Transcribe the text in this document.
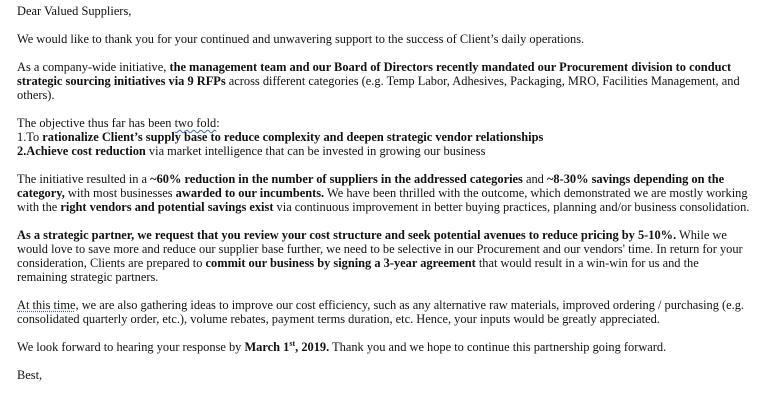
Dear Valued Suppliers,
We would like to thank you for your continued and unwavering support to the success of Client’s daily operations.
As a company-wide initiative, the management team and our Board of Directors recently mandated our Procurement division to conduct strategic sourcing initiatives via 9 RFPs across different categories (e.g. Temp Labor, Adhesives, Packaging, MRO, Facilities Management, and others).
The objective thus far has been two fold:
1.To rationalize Client’s supply base to reduce complexity and deepen strategic vendor relationships
2.Achieve cost reduction via market intelligence that can be invested in growing our business
The initiative resulted in a ~60% reduction in the number of suppliers in the addressed categories and ~8-30% savings depending on the category, with most businesses awarded to our incumbents. We have been thrilled with the outcome, which demonstrated we are mostly working with the right vendors and potential savings exist via continuous improvement in better buying practices, planning and/or business consolidation.
As a strategic partner, we request that you review your cost structure and seek potential avenues to reduce pricing by 5-10%. While we would love to save more and reduce our supplier base further, we need to be selective in our Procurement and our vendors' time. In return for your consideration, Clients are prepared to commit our business by signing a 3-year agreement that would result in a win-win for us and the remaining strategic partners.
At this time, we are also gathering ideas to improve our cost efficiency, such as any alternative raw materials, improved ordering / purchasing (e.g. consolidated quarterly order, etc.), volume rebates, payment terms duration, etc. Hence, your inputs would be greatly appreciated.
We look forward to hearing your response by March 1st, 2019. Thank you and we hope to continue this partnership going forward.
Best,
